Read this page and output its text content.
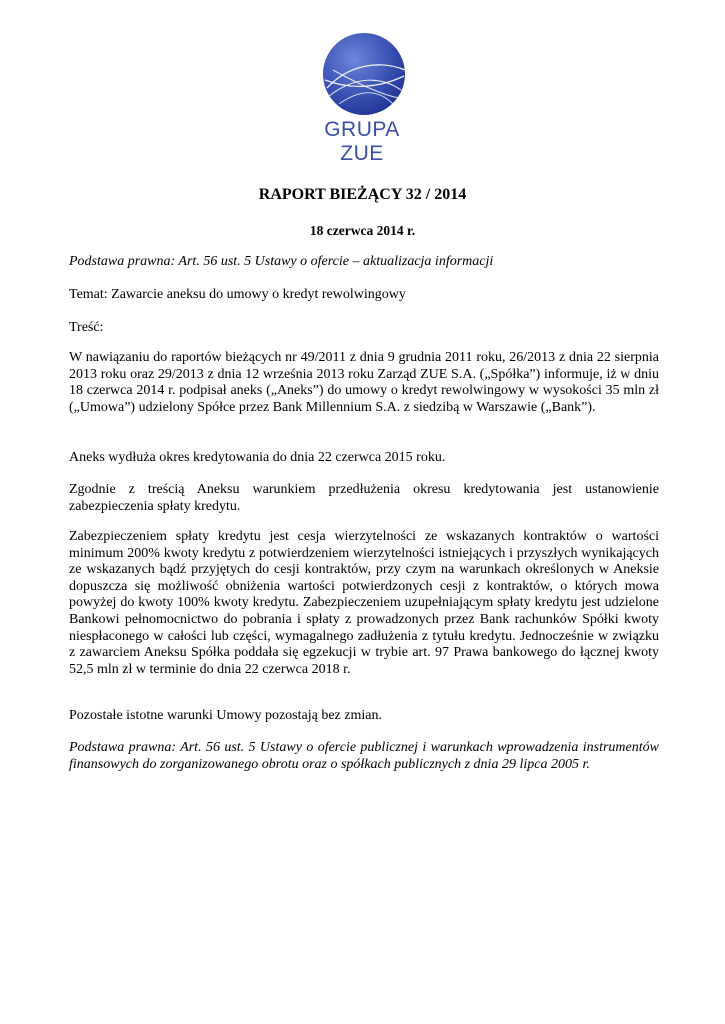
GRUPA ZUE
RAPORT BIEŻĄCY 32 / 2014
18 czerwca 2014 r.

Podstawa prawna: Art. 56 ust. 5 Ustawy o ofercie – aktualizacja informacji

Temat: Zawarcie aneksu do umowy o kredyt rewolwingowy

Treść:

W nawiązaniu do raportów bieżących nr 49/2011 z dnia 9 grudnia 2011 roku, 26/2013 z dnia 22 sierpnia 2013 roku oraz 29/2013 z dnia 12 września 2013 roku Zarząd ZUE S.A. („Spółka”) informuje, iż w dniu 18 czerwca 2014 r. podpisał aneks („Aneks”) do umowy o kredyt rewolwingowy w wysokości 35 mln zł („Umowa”) udzielony Spółce przez Bank Millennium S.A. z siedzibą w Warszawie („Bank”).

Aneks wydłuża okres kredytowania do dnia 22 czerwca 2015 roku.

Zgodnie z treścią Aneksu warunkiem przedłużenia okresu kredytowania jest ustanowienie zabezpieczenia spłaty kredytu.

Zabezpieczeniem spłaty kredytu jest cesja wierzytelności ze wskazanych kontraktów o wartości minimum 200% kwoty kredytu z potwierdzeniem wierzytelności istniejących i przyszłych wynikających ze wskazanych bądź przyjętych do cesji kontraktów, przy czym na warunkach określonych w Aneksie dopuszcza się możliwość obniżenia wartości potwierdzonych cesji z kontraktów, o których mowa powyżej do kwoty 100% kwoty kredytu. Zabezpieczeniem uzupełniającym spłaty kredytu jest udzielone Bankowi pełnomocnictwo do pobrania i spłaty z prowadzonych przez Bank rachunków Spółki kwoty niespłaconego w całości lub części, wymagalnego zadłużenia z tytułu kredytu. Jednocześnie w związku z zawarciem Aneksu Spółka poddała się egzekucji w trybie art. 97 Prawa bankowego do łącznej kwoty 52,5 mln zł w terminie do dnia 22 czerwca 2018 r.

Pozostałe istotne warunki Umowy pozostają bez zmian.

Podstawa prawna: Art. 56 ust. 5 Ustawy o ofercie publicznej i warunkach wprowadzenia instrumentów finansowych do zorganizowanego obrotu oraz o spółkach publicznych z dnia 29 lipca 2005 r.
